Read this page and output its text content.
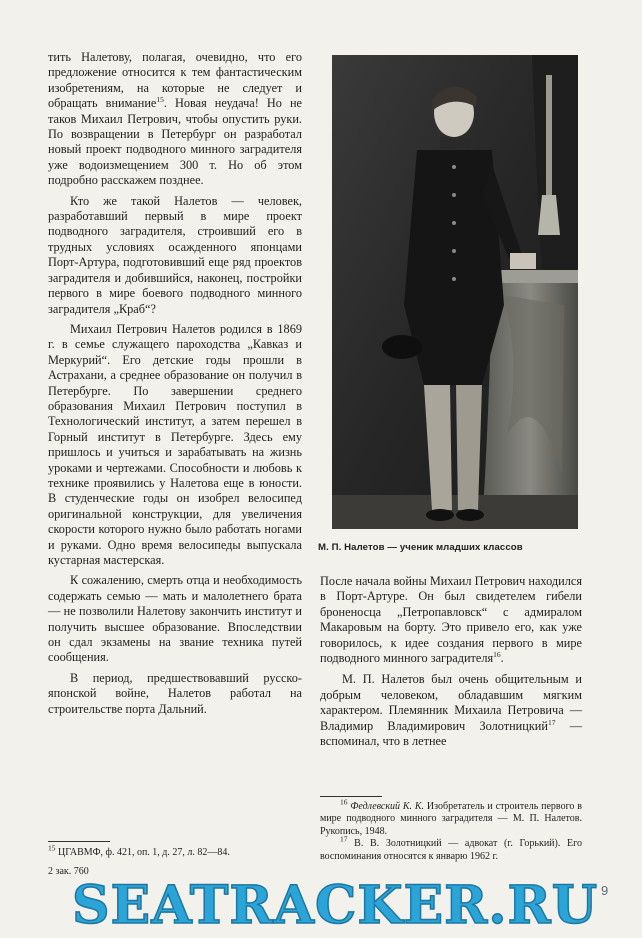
тить Налетову, полагая, очевидно, что его предложение относится к тем фантастическим изобретениям, на которые не следует и обращать внимание$^{15}$. Новая неудача! Но не таков Михаил Петрович, чтобы опустить руки. По возвращении в Петербург он разработал новый проект подводного минного заградителя уже водоизмещением 300 т. Но об этом подробно расскажем позднее.

Кто же такой Налетов — человек, разработавший первый в мире проект подводного заградителя, строивший его в трудных условиях осажденного японцами Порт-Артура, подготовивший еще ряд проектов заградителя и добившийся, наконец, постройки первого в мире боевого подводного минного заградителя „Краб“?

Михаил Петрович Налетов родился в 1869 г. в семье служащего пароходства „Кавказ и Меркурий“. Его детские годы прошли в Астрахани, а среднее образование он получил в Петербурге. По завершении среднего образования Михаил Петрович поступил в Технологический институт, а затем перешел в Горный институт в Петербурге. Здесь ему пришлось и учиться и зарабатывать на жизнь уроками и чертежами. Способности и любовь к технике проявились у Налетова еще в юности. В студенческие годы он изобрел велосипед оригинальной конструкции, для увеличения скорости которого нужно было работать ногами и руками. Одно время велосипеды выпускала кустарная мастерская.

К сожалению, смерть отца и необходимость содержать семью — мать и малолетнего брата — не позволили Налетову закончить институт и получить высшее образование. Впоследствии он сдал экзамены на звание техника путей сообщения.

В период, предшествовавший русско-японской войне, Налетов работал на строительстве порта Дальний.

М. П. Налетов — ученик младших классов

После начала войны Михаил Петрович находился в Порт-Артуре. Он был свидетелем гибели броненосца „Петропавловск“ с адмиралом Макаровым на борту. Это привело его, как уже говорилось, к идее создания первого в мире подводного минного заградителя$^{16}$.

М. П. Налетов был очень общительным и добрым человеком, обладавшим мягким характером. Племянник Михаила Петровича — Владимир Владимирович Золотницкий$^{17}$ — вспоминал, что в летнее

$^{15}$ ЦГАВМФ, ф. 421, оп. 1, д. 27, л. 82—84.

2 зак. 760

$^{16}$ Федлевский К. К. Изобретатель и строитель первого в мире подводного минного заградителя — М. П. Налетов. Рукопись, 1948.

$^{17}$ В. В. Золотницкий — адвокат (г. Горький). Его воспоминания относятся к январю 1962 г.

SEATRACKER.RU 9
